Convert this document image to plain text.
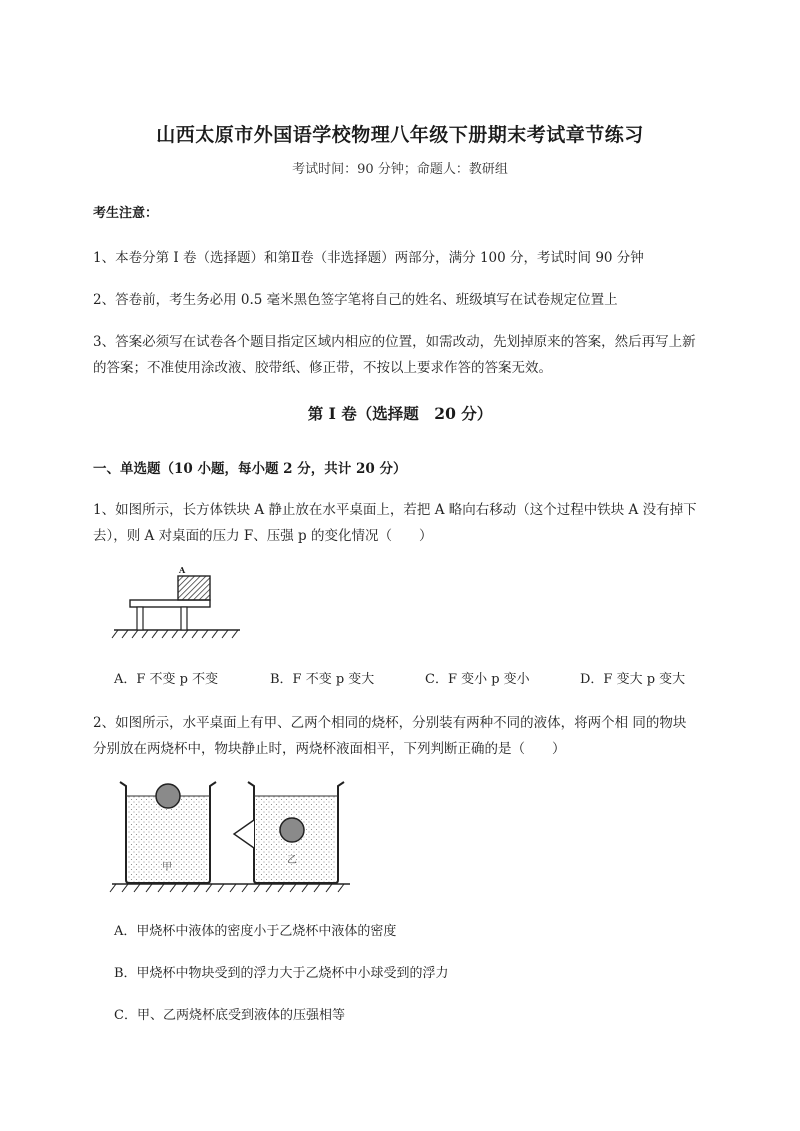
山西太原市外国语学校物理八年级下册期末考试章节练习
考试时间：90 分钟；命题人：教研组
考生注意：
1、本卷分第 I 卷（选择题）和第Ⅱ卷（非选择题）两部分，满分 100 分，考试时间 90 分钟
2、答卷前，考生务必用 0.5 毫米黑色签字笔将自己的姓名、班级填写在试卷规定位置上
3、答案必须写在试卷各个题目指定区域内相应的位置，如需改动，先划掉原来的答案，然后再写上新
的答案；不准使用涂改液、胶带纸、修正带，不按以上要求作答的答案无效。
第 I 卷（选择题　20 分）
一、单选题（10 小题，每小题 2 分，共计 20 分）
1、如图所示，长方体铁块 A 静止放在水平桌面上，若把 A 略向右移动（这个过程中铁块 A 没有掉下
去），则 A 对桌面的压力 F、压强 p 的变化情况（　　）
A
A．F 不变 p 不变	B．F 不变 p 变大	C．F 变小 p 变小	D．F 变大 p 变大
2、如图所示，水平桌面上有甲、乙两个相同的烧杯，分别装有两种不同的液体，将两个相 同的物块
分别放在两烧杯中，物块静止时，两烧杯液面相平，下列判断正确的是（　　）
甲
乙
A．甲烧杯中液体的密度小于乙烧杯中液体的密度
B．甲烧杯中物块受到的浮力大于乙烧杯中小球受到的浮力
C．甲、乙两烧杯底受到液体的压强相等
